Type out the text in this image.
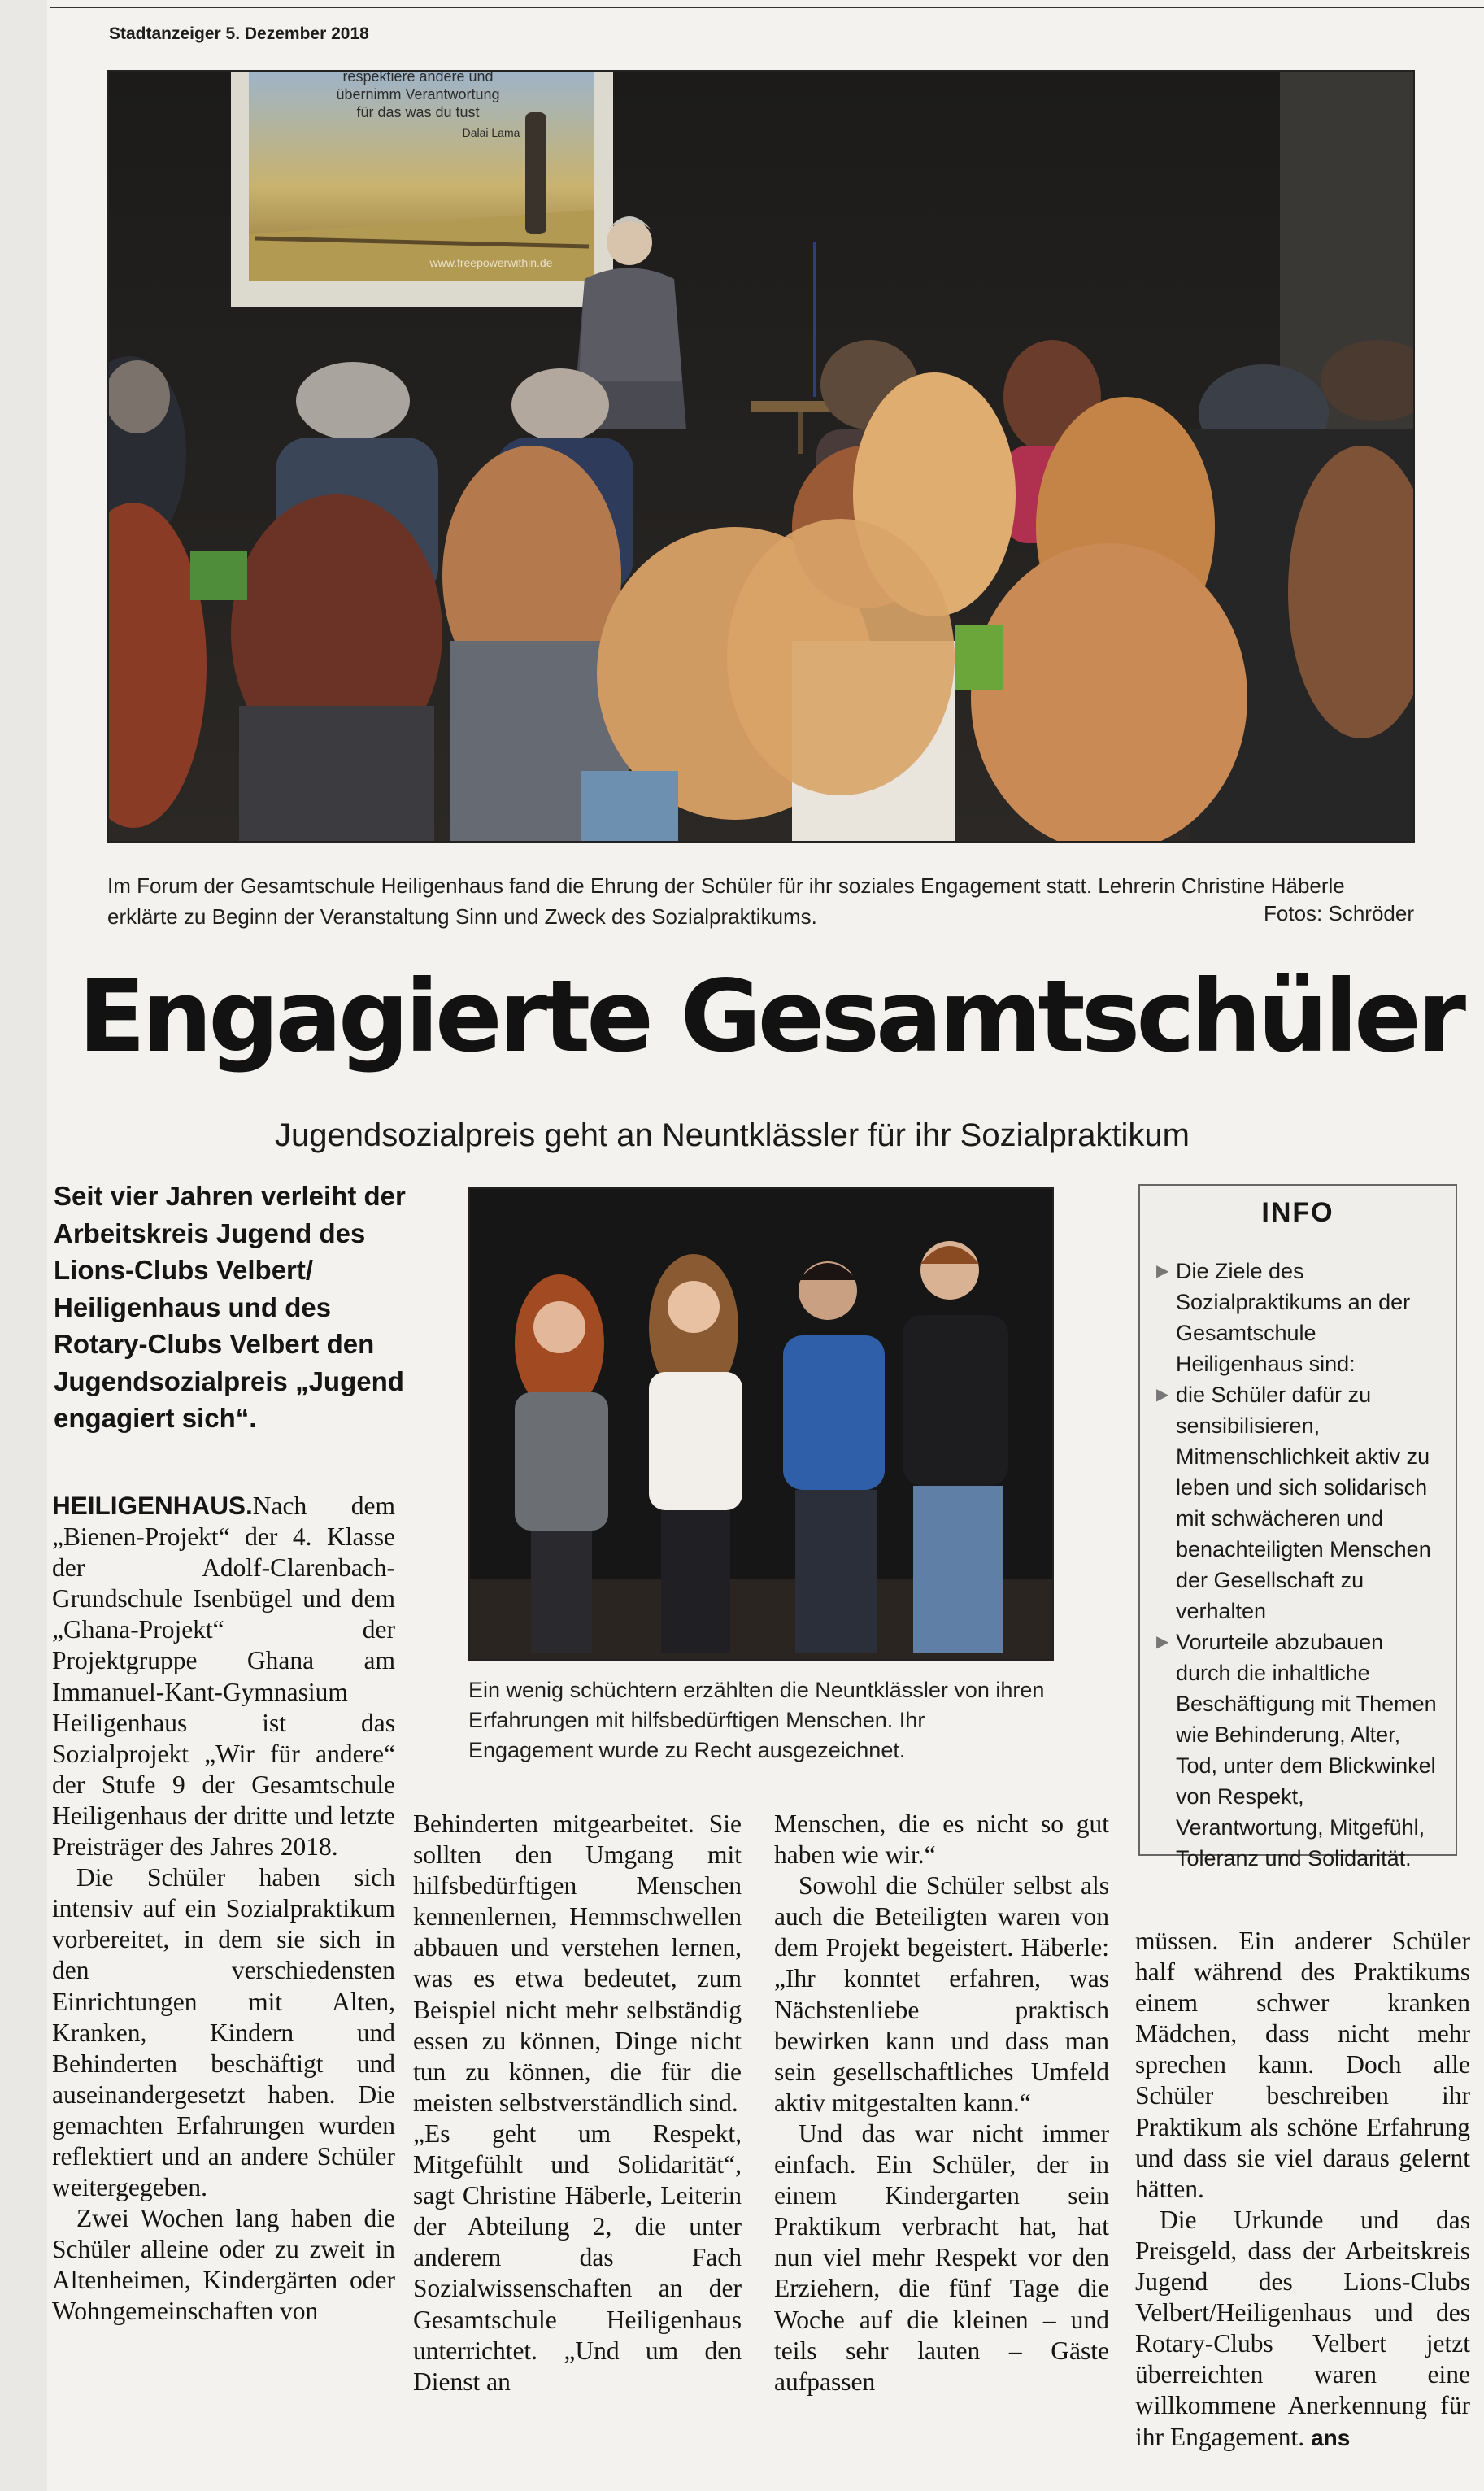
Stadtanzeiger 5. Dezember 2018
respektiere andere und
übernimm Verantwortung
für das was du tust
Dalai Lama
www.freepowerwithin.de
Im Forum der Gesamtschule Heiligenhaus fand die Ehrung der Schüler für ihr soziales Engagement statt. Lehrerin Christine Häberle erklärte zu Beginn der Veranstaltung Sinn und Zweck des Sozialpraktikums.	Fotos: Schröder
Engagierte Gesamtschüler
Jugendsozialpreis geht an Neuntklässler für ihr Sozialpraktikum
Seit vier Jahren verleiht der Arbeitskreis Jugend des Lions-Clubs Velbert/ Heiligenhaus und des Rotary-Clubs Velbert den Jugendsozialpreis „Jugend engagiert sich“.
Ein wenig schüchtern erzählten die Neuntklässler von ihren Erfahrungen mit hilfsbedürftigen Menschen. Ihr Engagement wurde zu Recht ausgezeichnet.
INFO
▶ Die Ziele des Sozialpraktikums an der Gesamtschule Heiligenhaus sind:
▶ die Schüler dafür zu sensibilisieren, Mitmenschlichkeit aktiv zu leben und sich solidarisch mit schwächeren und benachteiligten Menschen der Gesellschaft zu verhalten
▶ Vorurteile abzubauen durch die inhaltliche Beschäftigung mit Themen wie Behinderung, Alter, Tod, unter dem Blickwinkel von Respekt, Verantwortung, Mitgefühl, Toleranz und Solidarität.

HEILIGENHAUS.Nach dem „Bienen-Projekt“ der 4. Klasse der Adolf-Clarenbach-Grundschule Isenbügel und dem „Ghana-Projekt“ der Projektgruppe Ghana am Immanuel-Kant-Gymnasium Heiligenhaus ist das Sozialprojekt „Wir für andere“ der Stufe 9 der Gesamtschule Heiligenhaus der dritte und letzte Preisträger des Jahres 2018.

Die Schüler haben sich intensiv auf ein Sozialpraktikum vorbereitet, in dem sie sich in den verschiedensten Einrichtungen mit Alten, Kranken, Kindern und Behinderten beschäftigt und auseinandergesetzt haben. Die gemachten Erfahrungen wurden reflektiert und an andere Schüler weitergegeben.

Zwei Wochen lang haben die Schüler alleine oder zu zweit in Altenheimen, Kindergärten oder Wohngemeinschaften von

Behinderten mitgearbeitet. Sie sollten den Umgang mit hilfsbedürftigen Menschen kennenlernen, Hemmschwellen abbauen und verstehen lernen, was es etwa bedeutet, zum Beispiel nicht mehr selbständig essen zu können, Dinge nicht tun zu können, die für die meisten selbstverständlich sind.

„Es geht um Respekt, Mitgefühlt und Solidarität“, sagt Christine Häberle, Leiterin der Abteilung 2, die unter anderem das Fach Sozialwissenschaften an der Gesamtschule Heiligenhaus unterrichtet. „Und um den Dienst an

Menschen, die es nicht so gut haben wie wir.“

Sowohl die Schüler selbst als auch die Beteiligten waren von dem Projekt begeistert. Häberle: „Ihr konntet erfahren, was Nächstenliebe praktisch bewirken kann und dass man sein gesellschaftliches Umfeld aktiv mitgestalten kann.“

Und das war nicht immer einfach. Ein Schüler, der in einem Kindergarten sein Praktikum verbracht hat, hat nun viel mehr Respekt vor den Erziehern, die fünf Tage die Woche auf die kleinen – und teils sehr lauten – Gäste aufpassen

müssen. Ein anderer Schüler half während des Praktikums einem schwer kranken Mädchen, dass nicht mehr sprechen kann. Doch alle Schüler beschreiben ihr Praktikum als schöne Erfahrung und dass sie viel daraus gelernt hätten.

Die Urkunde und das Preisgeld, dass der Arbeitskreis Jugend des Lions-Clubs Velbert/Heiligenhaus und des Rotary-Clubs Velbert jetzt überreichten waren eine willkommene Anerkennung für ihr Engagement. ans
